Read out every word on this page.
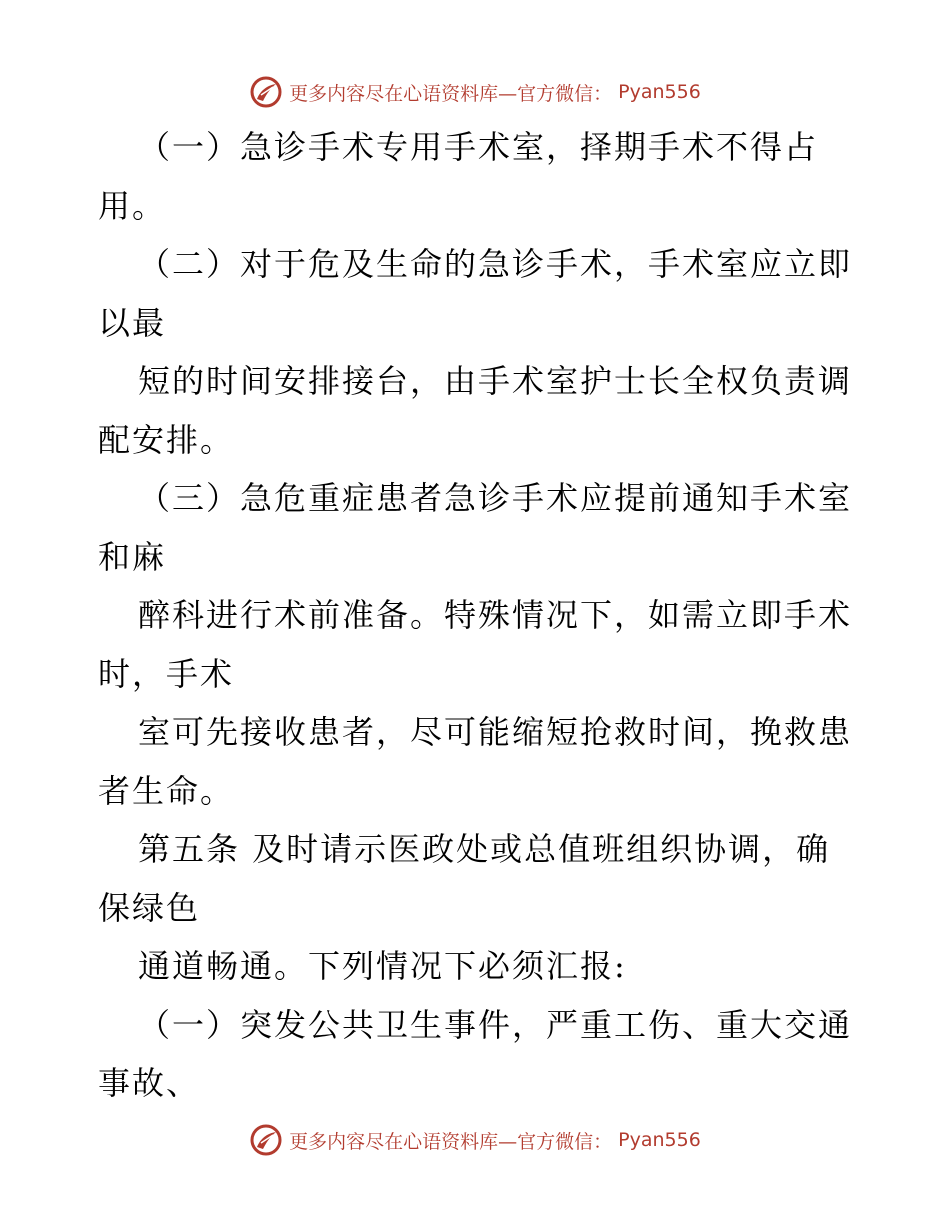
更多内容尽在心语资料库—官方微信： Pyan556
（一）急诊手术专用手术室，择期手术不得占
用。
（二）对于危及生命的急诊手术，手术室应立即
以最
短的时间安排接台，由手术室护士长全权负责调
配安排。
（三）急危重症患者急诊手术应提前通知手术室
和麻
醉科进行术前准备。特殊情况下，如需立即手术
时，手术
室可先接收患者，尽可能缩短抢救时间，挽救患
者生命。
第五条 及时请示医政处或总值班组织协调，确
保绿色
通道畅通。下列情况下必须汇报:
（一）突发公共卫生事件，严重工伤、重大交通
事故、
更多内容尽在心语资料库—官方微信： Pyan556
